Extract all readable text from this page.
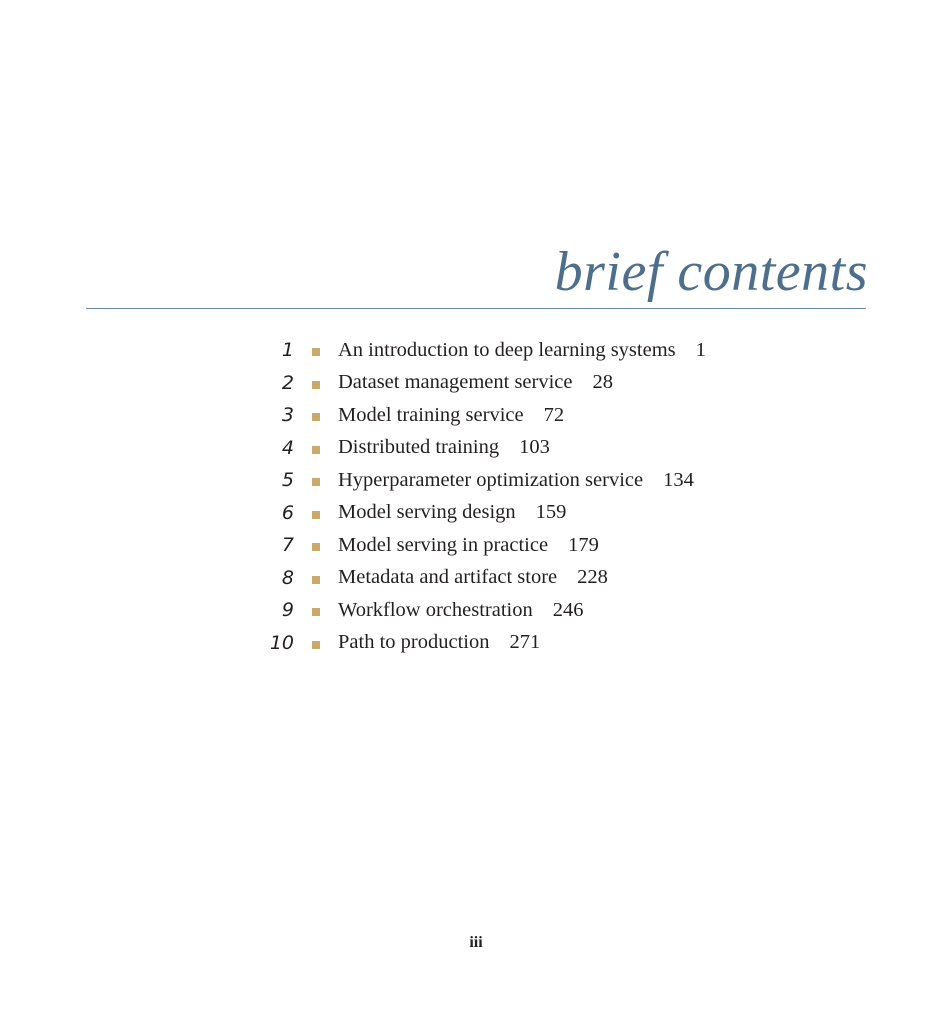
brief contents
1 An introduction to deep learning systems 1
2 Dataset management service 28
3 Model training service 72
4 Distributed training 103
5 Hyperparameter optimization service 134
6 Model serving design 159
7 Model serving in practice 179
8 Metadata and artifact store 228
9 Workflow orchestration 246
10 Path to production 271
iii
